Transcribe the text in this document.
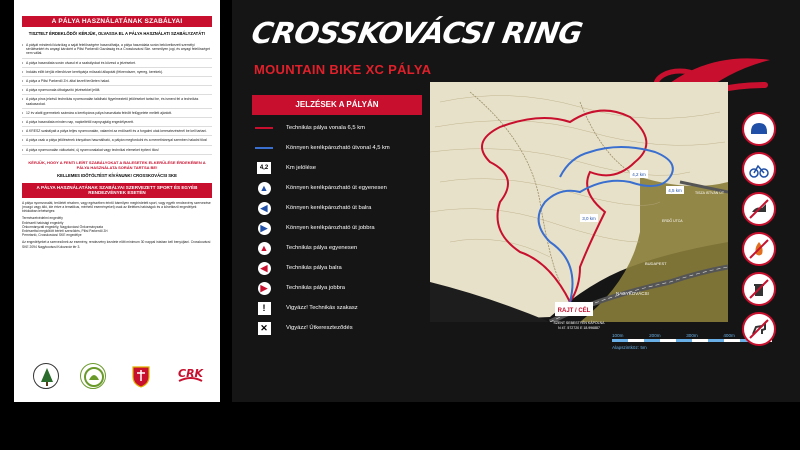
A PÁLYA HASZNÁLATÁNAK SZABÁLYAI
TISZTELT ÉRDEKLŐDŐ! KÉRJÜK, OLVASSA EL A PÁLYA HASZNÁLATI SZABÁLYZATÁT!
• A pályát mindenki kizárólag a saját felelősségére használhatja, a pálya használata során bekövetkezett személyi sérülésekért és anyagi károkért a Pilisi Parkerdő Gazdaság és a Crosskovácsi Ske. semmilyen jogi, és anyagi felelősséget nem vállal.
• A pálya használata során olvasd el a szabályokat és kövesd a jelzéseket.
• Indulás előtt kérjük ellenőrizze kerékpárja műszaki állapotát (fékrendszer, nyereg, kerekek).
• A pálya a Pilisi Parkerdő Zrt. által kezelt területen halad.
• A pálya nyomvonala útbaigazító jelzésekkel jelölt.
• A pálya piros jelzésű technikás nyomvonalán található figyelmeztető jelöléseket tartsd be, és ismerd fel a technikás szakaszokat.
• 12 év alatti gyermekek számára a kerékpáros pálya használata felnőtt felügyelete mellett ajánlott.
• A pálya használata minden nap, napkeltétől napnyugtáig engedélyezett.
• A KRESZ szabályait a pálya teljes nyomvonalán, valamint az erdőszéli és a forgalmi utak keresztezésénél be kell tartani.
• A pálya csak a pálya jelölésének irányában használható, a pályán megfordulni és a menetiránnyal szemben haladni tilos!
• A pálya nyomvonalán változtatni, új nyomvonalakat vagy technikai elemeket építeni tilos!
KÉRJÜK, HOGY A FENTI LEÍRT SZABÁLYOKAT A BALESETEK ELKERÜLÉSE ÉRDEKÉBEN A PÁLYA HASZNÁLATA SORÁN TARTSA BE!
KELLEMES IDŐTÖLTÉST KÍVÁNUNK! CROSSKOVÁCSI SKE
A PÁLYA HASZNÁLATÁNAK SZABÁLYAI SZERVEZETT SPORT ÉS EGYÉB RENDEZVÉNYEK ESETÉN
A pálya nyomvonalát, területét részben, vagy egészében érintő bármilyen meghirdetett sport, vagy egyéb rendezvény szervezése (mozgó vagy álló, ide értve a tematikus, mérhető eseményeket) csak az illetékes hatóságok és a következő engedélyek birtokában lehetséges:
Természetvédelmi engedély
Erdészeti hatósági engedély
Önkormányzati engedély, Nagykovácsi Önkormányzata
Erdészettal megkötött bérleti szerződés, Pilisi Parkerdő Zrt
Pemrtartó, Crosskovácsi SKE engedélye
Az engedélyeket a szervezőnek az esemény, rendezvény kezdete előtt minimum 30 nappal írásban kell benyújtani. Crosskovácsi SKE 2094 Nagykovácsi Kolozsvár tér 3.
CRK
CROSSKOVÁCSI RING
MOUNTAIN BIKE XC PÁLYA
JELZÉSEK A PÁLYÁN
Technikás pálya vonala 6,5 km
Könnyen kerékpározható útvonal 4,5 km
4,2	Km jelölése
▲	Könnyen kerékpározható út egyenesen
◀	Könnyen kerékpározható út balra
▶	Könnyen kerékpározható út jobbra
▲	Technikás pálya egyenesen
◀	Technikás pálya balra
▶	Technikás pálya jobbra
!	Vigyázz! Technikás szakasz
✕	Vigyázz! Útkereszteződés
4,2 km
4,5 km
3,0 km
BUDAPEST
NAGYKOVÁCSI
TISZA ISTVÁN ÚT
ERDŐ UTCA
RAJT / CÉL
SZENT SEBESTYÉN KÁPOLNA
N 47. 572720 E 18.996887
100m	200m	300m	400m
Alapszintköz: 5m
